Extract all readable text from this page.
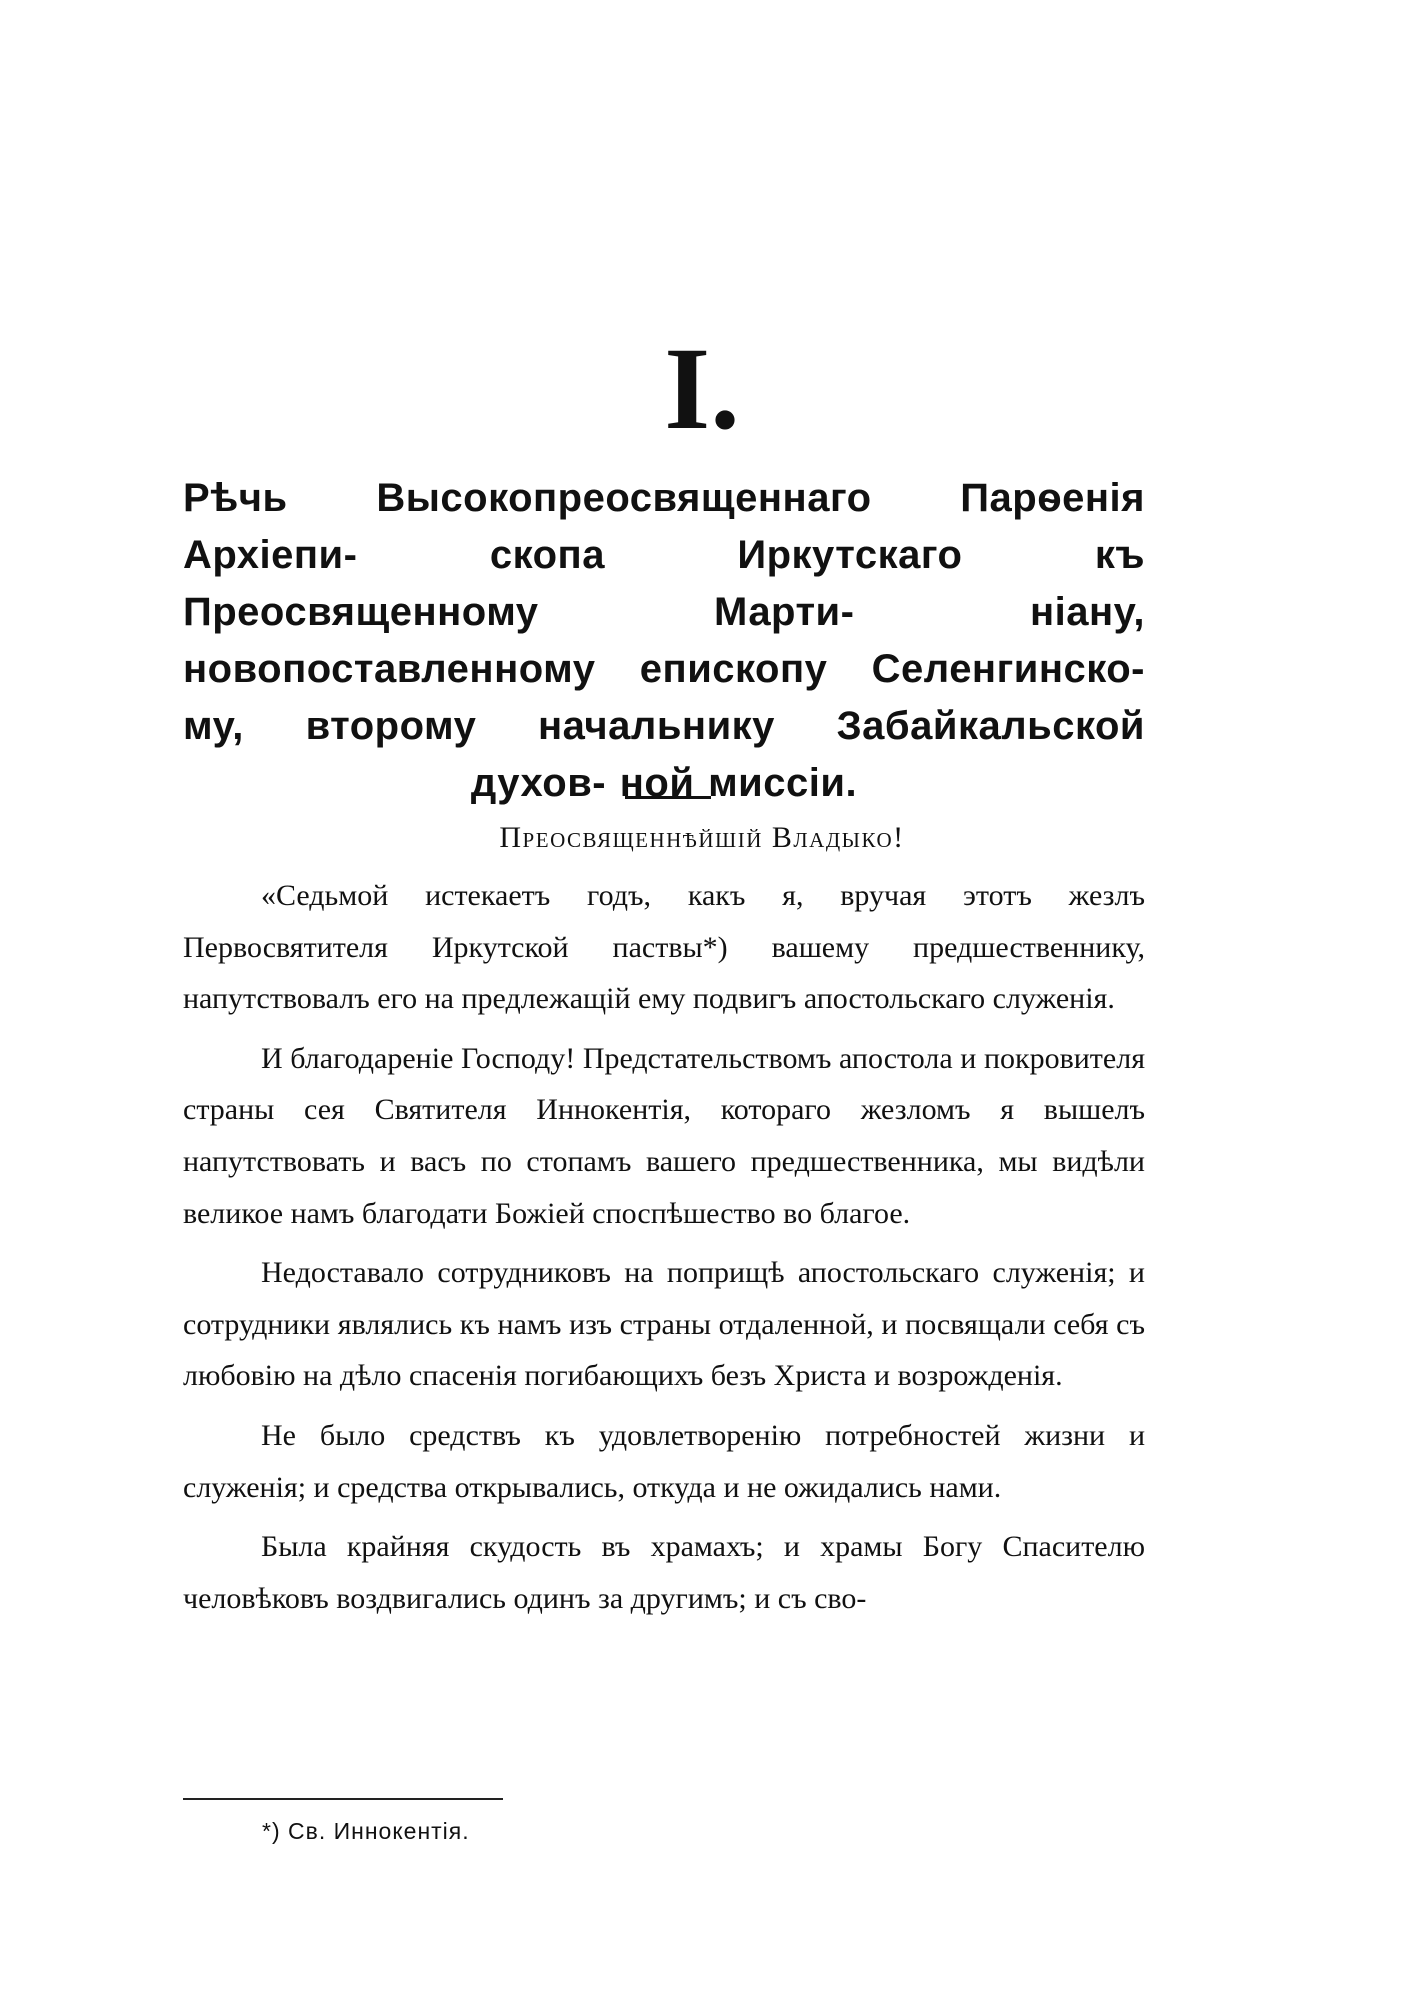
I.
Рѣчь Высокопреосвященнаго Парѳенія Архіепи-	скопа Иркутскаго къ Преосвященному Марти-	ніану, новопоставленному епископу Селенгинско- му, второму начальнику Забайкальской духов- ной миссіи.
Преосвященнѣйшій Владыко!

«Седьмой истекаетъ годъ, какъ я, вручая этотъ жезлъ Первосвятителя Иркутской паствы*) вашему предшественнику, напутствовалъ его на предлежащій ему подвигъ апостольскаго служенія.

И благодареніе Господу! Предстательствомъ апостола и покровителя страны сея Святителя Иннокентія, котораго жезломъ я вышелъ напутствовать и васъ по стопамъ вашего предшественника, мы видѣли великое намъ благодати Божіей споспѣшество во благое.

Недоставало сотрудниковъ на поприщѣ апостольскаго служенія; и сотрудники являлись къ намъ изъ страны отдаленной, и посвящали себя съ любовію на дѣло спасенія погибающихъ безъ Христа и возрожденія.

Не было средствъ къ удовлетворенію потребностей жизни и служенія; и средства открывались, откуда и не ожидались нами.

Была крайняя скудость въ храмахъ; и храмы Богу Спасителю человѣковъ воздвигались одинъ за другимъ; и съ сво-

*) Св. Иннокентія.
